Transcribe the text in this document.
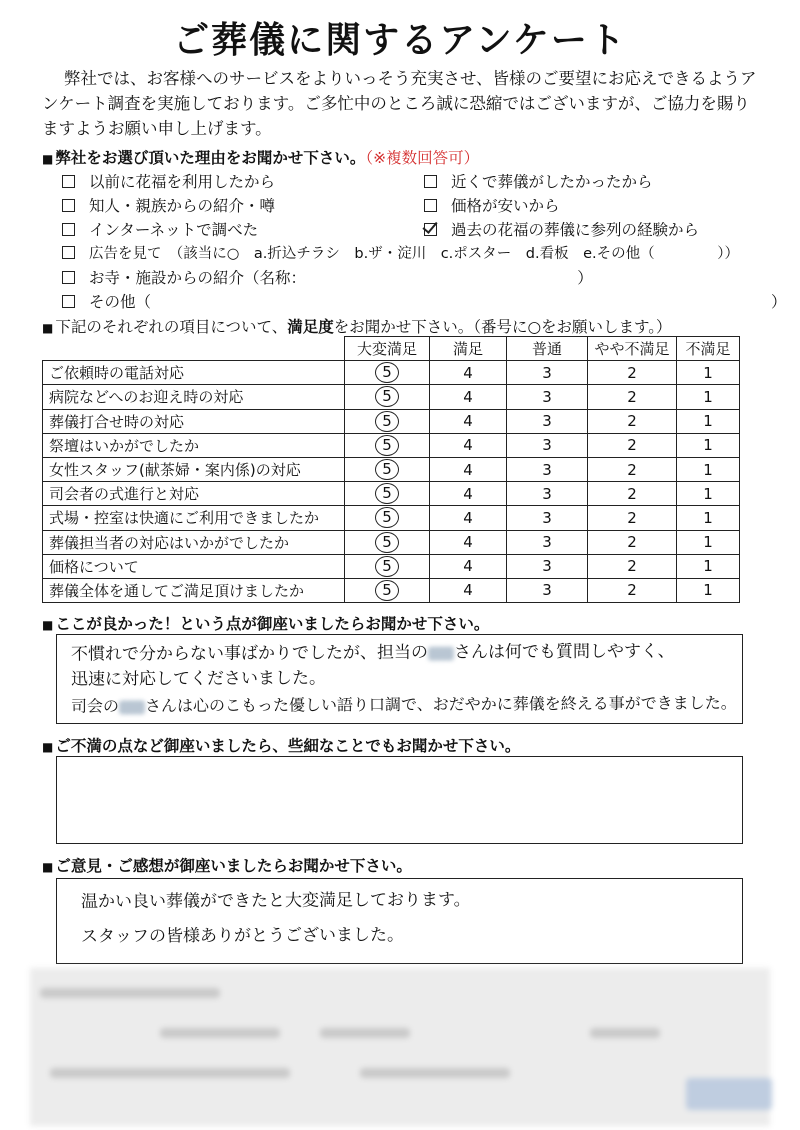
ご葬儀に関するアンケート
弊社では、お客様へのサービスをよりいっそう充実させ、皆様のご要望にお応えできるようアンケート調査を実施しております。ご多忙中のところ誠に恐縮ではございますが、ご協力を賜りますようお願い申し上げます。
■ 弊社をお選び頂いた理由をお聞かせ下さい。（※複数回答可）
以前に花福を利用したから
知人・親族からの紹介・噂
インターネットで調べた
広告を見て　（該当に○　a.折込チラシ　b.ザ・淀川　c.ポスター　d.看板　e.その他（　　　　 ））
お寺・施設からの紹介（名称：　　　　　　　　　　　　　　　　　　）
その他（　　　　　　　　　　　　　　　　　　　　　　　　　　　　　　　　　　　　　　　　）
近くで葬儀がしたかったから
価格が安いから
過去の花福の葬儀に参列の経験から
■ 下記のそれぞれの項目について、満足度をお聞かせ下さい。（番号に○をお願いします。）
	大変満足	満足	普通	やや不満足	不満足
ご依頼時の電話対応	5	4	3	2	1
病院などへのお迎え時の対応	5	4	3	2	1
葬儀打合せ時の対応	5	4	3	2	1
祭壇はいかがでしたか	5	4	3	2	1
女性スタッフ(献茶婦・案内係)の対応	5	4	3	2	1
司会者の式進行と対応	5	4	3	2	1
式場・控室は快適にご利用できましたか	5	4	3	2	1
葬儀担当者の対応はいかがでしたか	5	4	3	2	1
価格について	5	4	3	2	1
葬儀全体を通してご満足頂けましたか	5	4	3	2	1
■ ここが良かった！という点が御座いましたらお聞かせ下さい。
不慣れで分からない事ばかりでしたが、担当の さんは何でも質問しやすく、
迅速に対応してくださいました。
司会の さんは心のこもった優しい語り口調で、おだやかに葬儀を終える事ができました。
■ ご不満の点など御座いましたら、些細なことでもお聞かせ下さい。
■ ご意見・ご感想が御座いましたらお聞かせ下さい。
温かい良い葬儀ができたと大変満足しております。
スタッフの皆様ありがとうございました。
